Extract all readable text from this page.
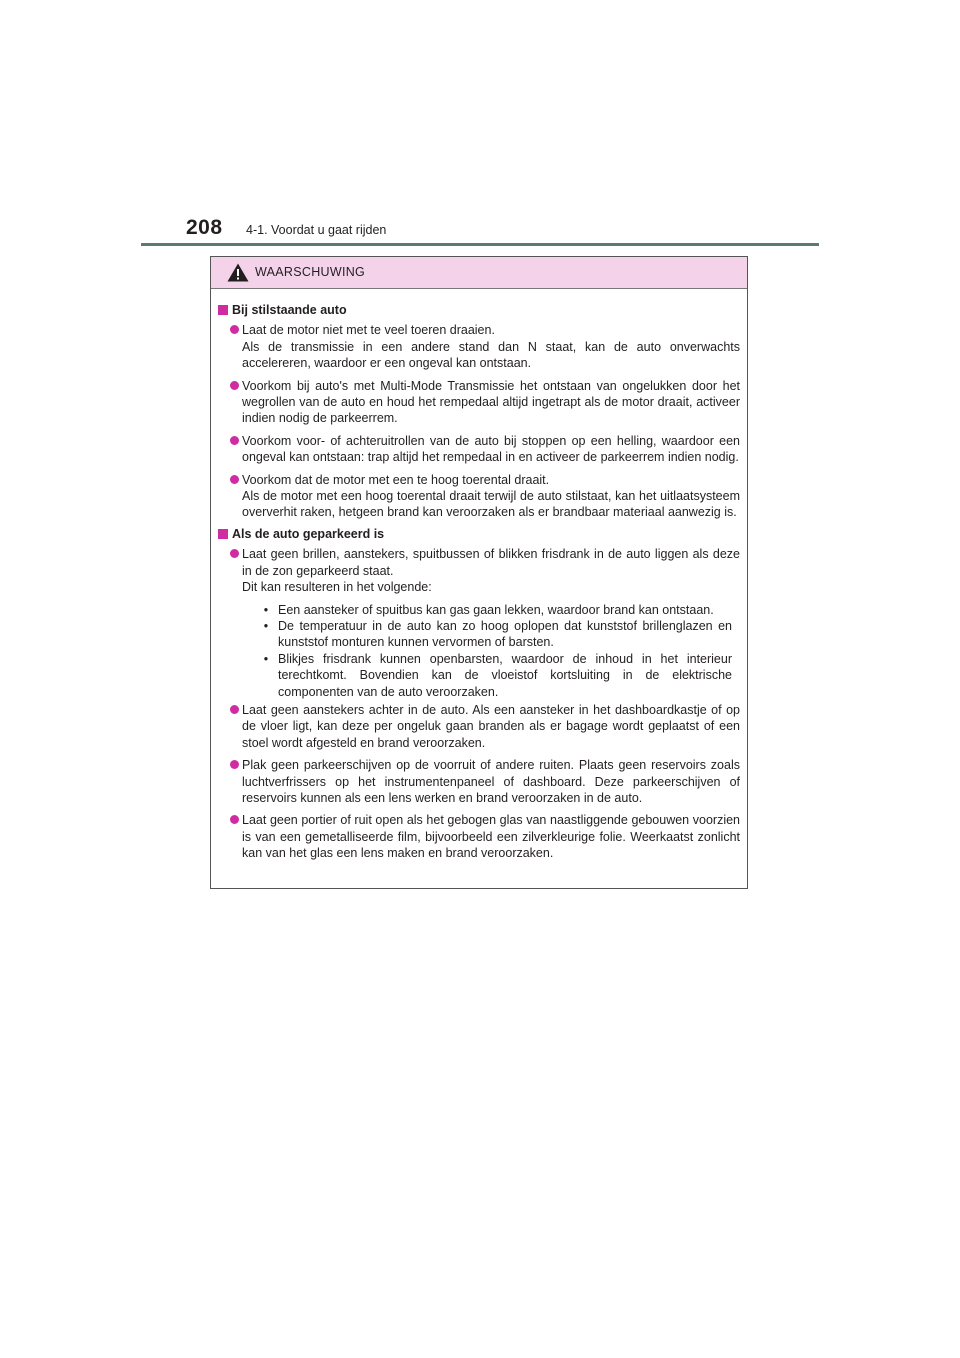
208 4-1. Voordat u gaat rijden
WAARSCHUWING
Bij stilstaande auto

Laat de motor niet met te veel toeren draaien.

Als de transmissie in een andere stand dan N staat, kan de auto onverwachts accelereren, waardoor er een ongeval kan ontstaan.

Voorkom bij auto's met Multi-Mode Transmissie het ontstaan van ongelukken door het wegrollen van de auto en houd het rempedaal altijd ingetrapt als de motor draait, activeer indien nodig de parkeerrem.

Voorkom voor- of achteruitrollen van de auto bij stoppen op een helling, waardoor een ongeval kan ontstaan: trap altijd het rempedaal in en activeer de parkeerrem indien nodig.

Voorkom dat de motor met een te hoog toerental draait.

Als de motor met een hoog toerental draait terwijl de auto stilstaat, kan het uitlaatsysteem oververhit raken, hetgeen brand kan veroorzaken als er brandbaar materiaal aanwezig is.

Als de auto geparkeerd is

Laat geen brillen, aanstekers, spuitbussen of blikken frisdrank in de auto liggen als deze in de zon geparkeerd staat.

Dit kan resulteren in het volgende:

• Een aansteker of spuitbus kan gas gaan lekken, waardoor brand kan ontstaan.

• De temperatuur in de auto kan zo hoog oplopen dat kunststof brillenglazen en kunststof monturen kunnen vervormen of barsten.

• Blikjes frisdrank kunnen openbarsten, waardoor de inhoud in het interieur terechtkomt. Bovendien kan de vloeistof kortsluiting in de elektrische componenten van de auto veroorzaken.

Laat geen aanstekers achter in de auto. Als een aansteker in het dashboardkastje of op de vloer ligt, kan deze per ongeluk gaan branden als er bagage wordt geplaatst of een stoel wordt afgesteld en brand veroorzaken.

Plak geen parkeerschijven op de voorruit of andere ruiten. Plaats geen reservoirs zoals luchtverfrissers op het instrumentenpaneel of dashboard. Deze parkeerschijven of reservoirs kunnen als een lens werken en brand veroorzaken in de auto.

Laat geen portier of ruit open als het gebogen glas van naastliggende gebouwen voorzien is van een gemetalliseerde film, bijvoorbeeld een zilverkleurige folie. Weerkaatst zonlicht kan van het glas een lens maken en brand veroorzaken.
